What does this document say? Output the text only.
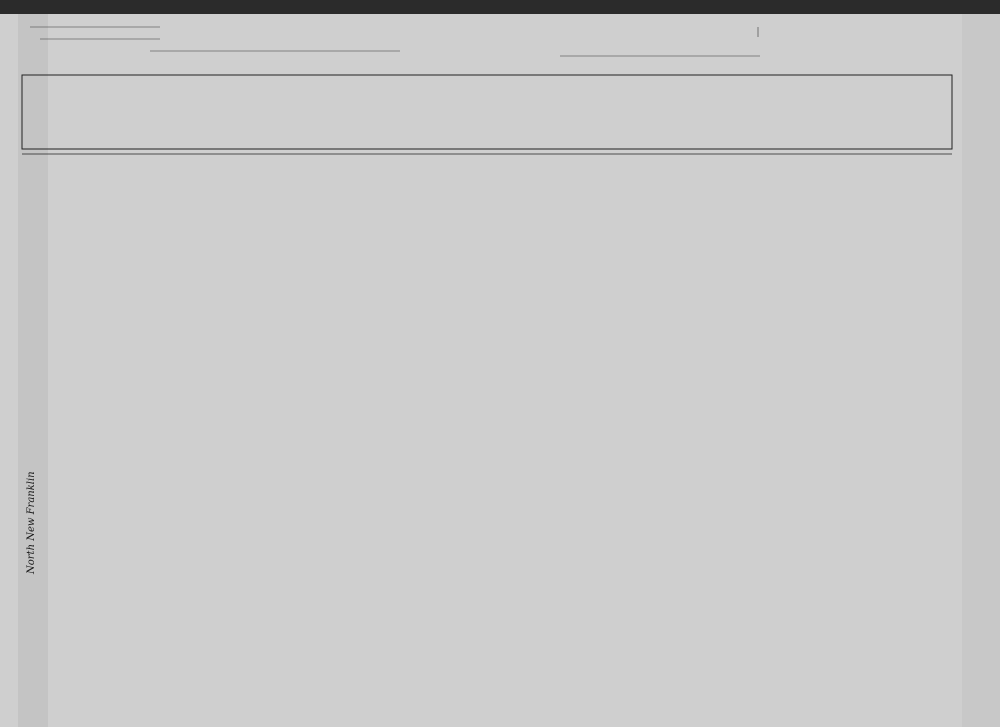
North New Franklin
